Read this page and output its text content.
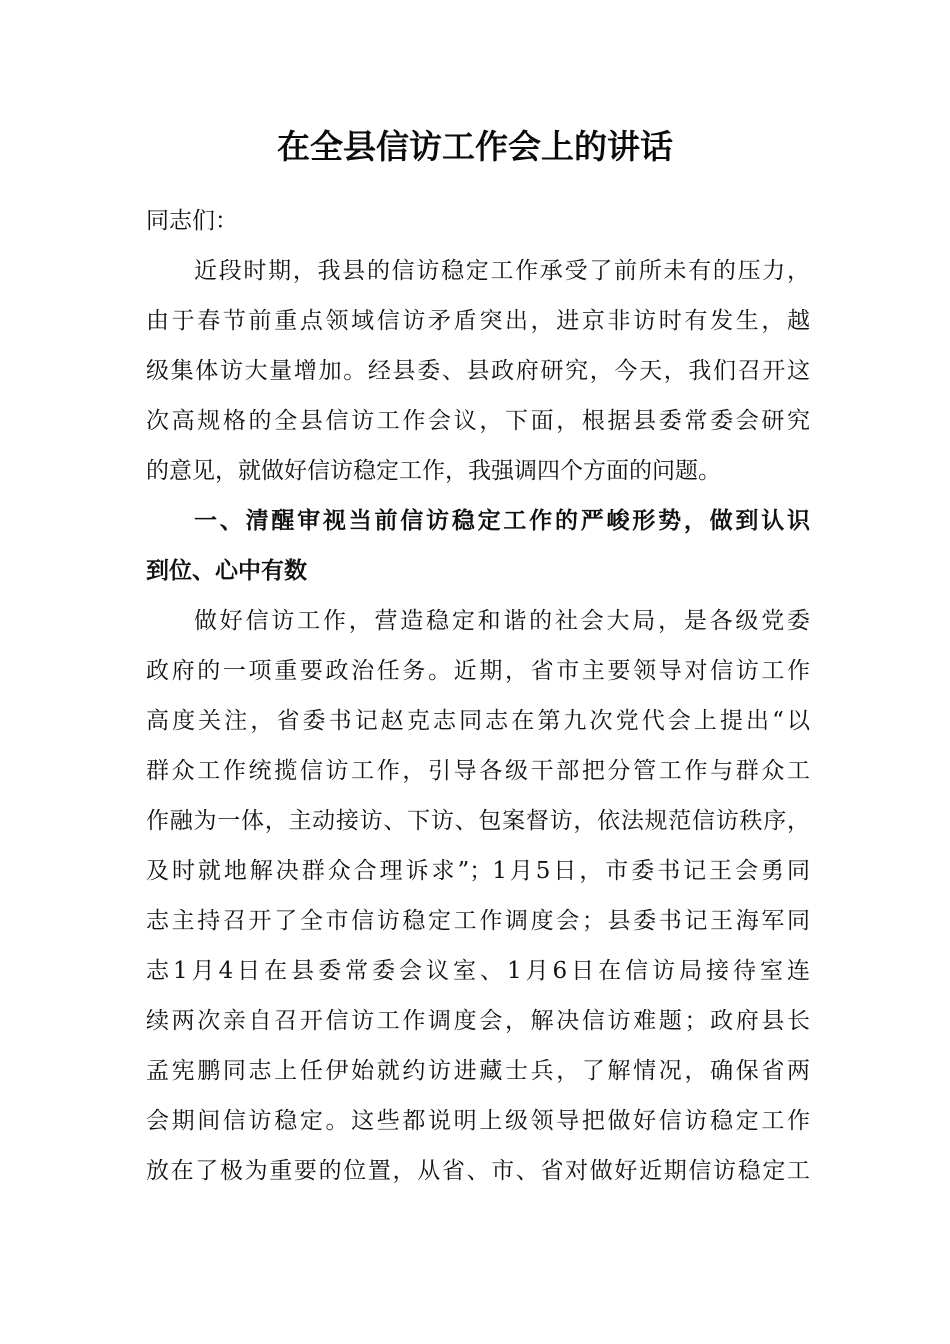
在全县信访工作会上的讲话

同志们：

近段时期，我县的信访稳定工作承受了前所未有的压力，

由于春节前重点领域信访矛盾突出，进京非访时有发生，越

级集体访大量增加。经县委、县政府研究，今天，我们召开这

次高规格的全县信访工作会议，下面，根据县委常委会研究

的意见，就做好信访稳定工作，我强调四个方面的问题。

一、清醒审视当前信访稳定工作的严峻形势，做到认识

到位、心中有数

做好信访工作，营造稳定和谐的社会大局，是各级党委

政府的一项重要政治任务。近期，省市主要领导对信访工作

高度关注，省委书记赵克志同志在第九次党代会上提出“以

群众工作统揽信访工作，引导各级干部把分管工作与群众工

作融为一体，主动接访、下访、包案督访，依法规范信访秩序，

及时就地解决群众合理诉求”；1月5日，市委书记王会勇同

志主持召开了全市信访稳定工作调度会；县委书记王海军同

志1月4日在县委常委会议室、1月6日在信访局接待室连

续两次亲自召开信访工作调度会，解决信访难题；政府县长

孟宪鹏同志上任伊始就约访进藏士兵，了解情况，确保省两

会期间信访稳定。这些都说明上级领导把做好信访稳定工作

放在了极为重要的位置，从省、市、省对做好近期信访稳定工
